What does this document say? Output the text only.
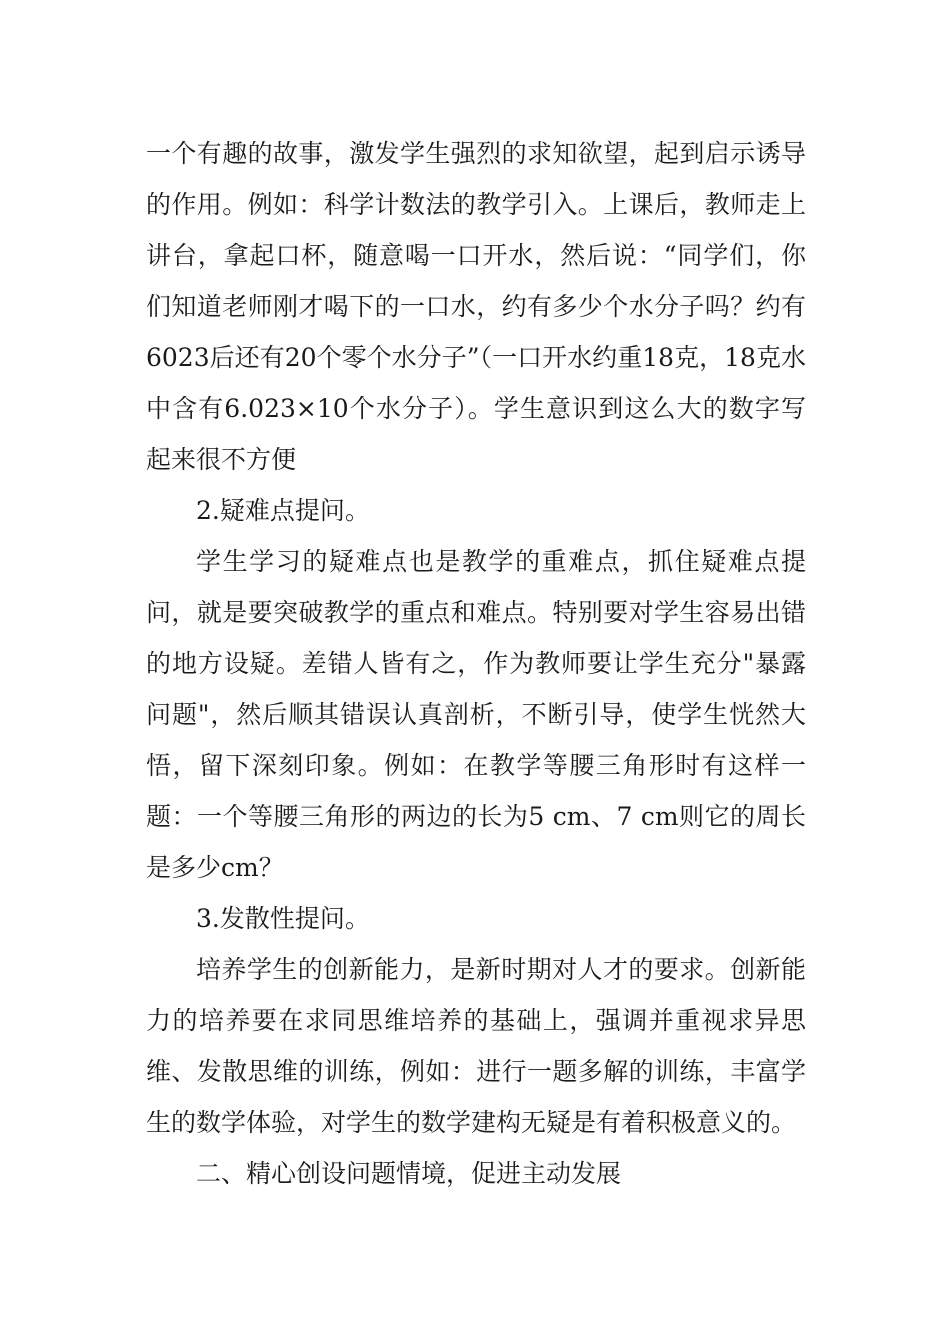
一个有趣的故事，激发学生强烈的求知欲望，起到启示诱导的作用。例如：科学计数法的教学引入。上课后，教师走上讲台，拿起口杯，随意喝一口开水，然后说：“同学们，你们知道老师刚才喝下的一口水，约有多少个水分子吗？约有6023后还有20个零个水分子”（一口开水约重18克，18克水中含有6.023×10个水分子）。学生意识到这么大的数字写起来很不方便

2.疑难点提问。

学生学习的疑难点也是教学的重难点，抓住疑难点提问，就是要突破教学的重点和难点。特别要对学生容易出错的地方设疑。差错人皆有之，作为教师要让学生充分"暴露问题"，然后顺其错误认真剖析，不断引导，使学生恍然大悟，留下深刻印象。例如：在教学等腰三角形时有这样一题：一个等腰三角形的两边的长为5 cm、7 cm则它的周长是多少cm？

3.发散性提问。

培养学生的创新能力，是新时期对人才的要求。创新能力的培养要在求同思维培养的基础上，强调并重视求异思维、发散思维的训练，例如：进行一题多解的训练，丰富学生的数学体验，对学生的数学建构无疑是有着积极意义的。

二、精心创设问题情境，促进主动发展
